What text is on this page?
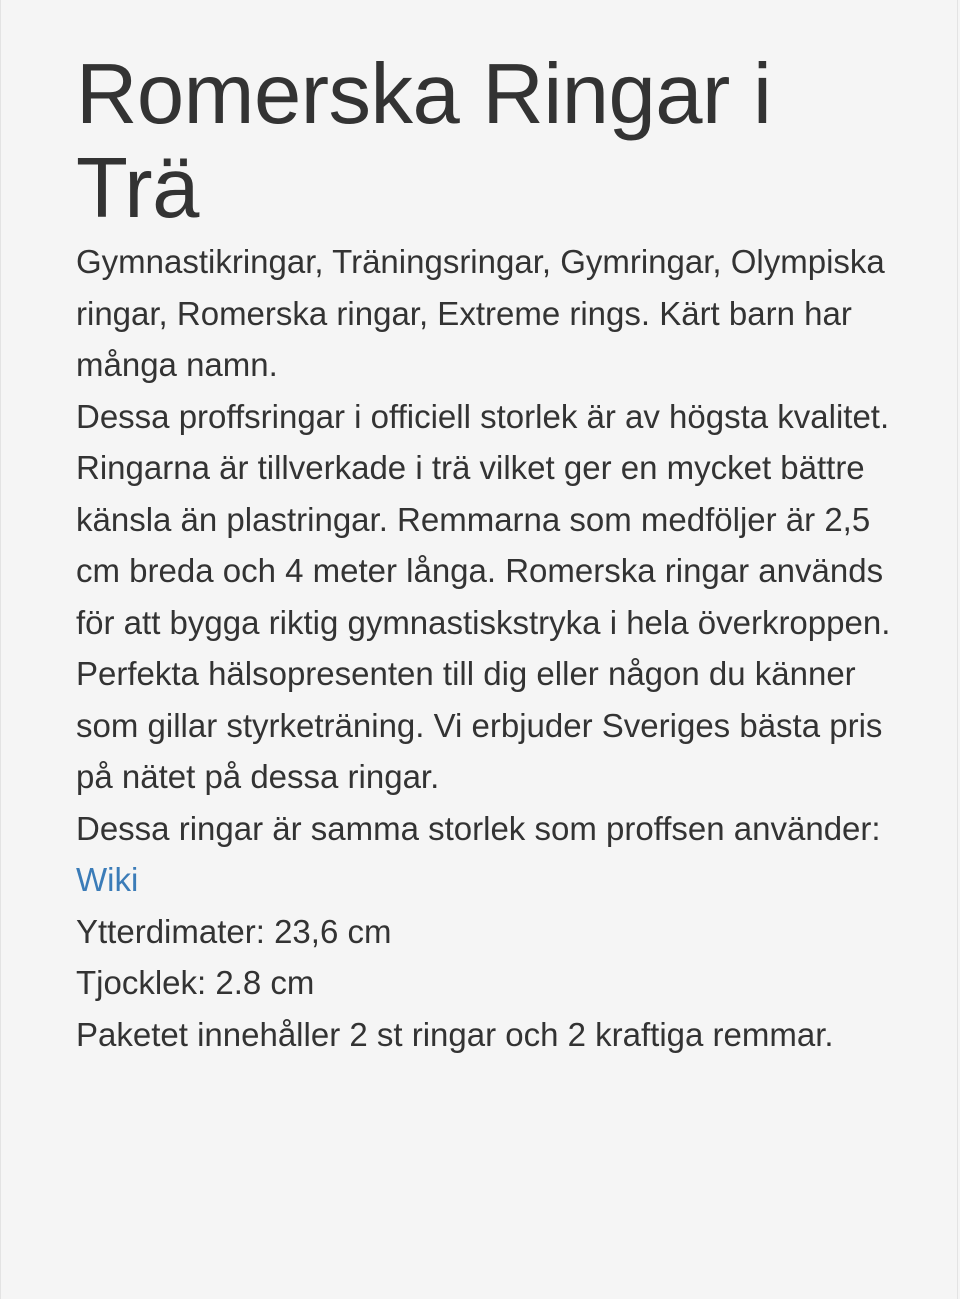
Romerska Ringar i Trä

Gymnastikringar, Träningsringar, Gymringar, Olympiska ringar, Romerska ringar, Extreme rings. Kärt barn har många namn.

Dessa proffsringar i officiell storlek är av högsta kvalitet. Ringarna är tillverkade i trä vilket ger en mycket bättre känsla än plastringar. Remmarna som medföljer är 2,5 cm breda och 4 meter långa. Romerska ringar används för att bygga riktig gymnastiskstryka i hela överkroppen.

Perfekta hälsopresenten till dig eller någon du känner som gillar styrketräning. Vi erbjuder Sveriges bästa pris på nätet på dessa ringar.

Dessa ringar är samma storlek som proffsen använder: Wiki
Ytterdimater: 23,6 cm
Tjocklek: 2.8 cm

Paketet innehåller 2 st ringar och 2 kraftiga remmar.
